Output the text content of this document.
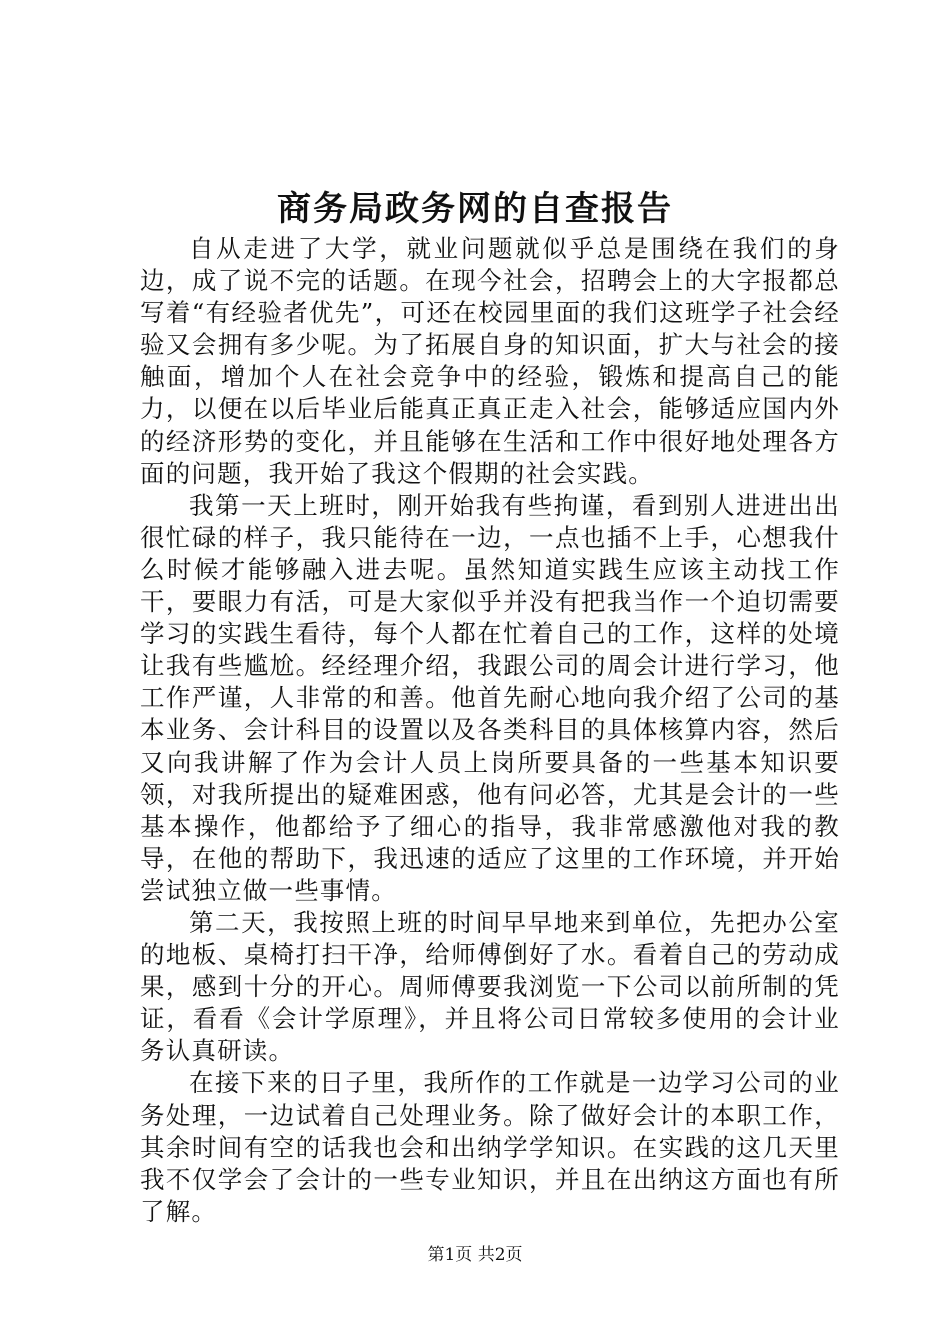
商务局政务网的自查报告

自从走进了大学，就业问题就似乎总是围绕在我们的身边，成了说不完的话题。在现今社会，招聘会上的大字报都总写着“有经验者优先”，可还在校园里面的我们这班学子社会经验又会拥有多少呢。为了拓展自身的知识面，扩大与社会的接触面，增加个人在社会竞争中的经验，锻炼和提高自己的能力，以便在以后毕业后能真正真正走入社会，能够适应国内外的经济形势的变化，并且能够在生活和工作中很好地处理各方面的问题，我开始了我这个假期的社会实践。

我第一天上班时，刚开始我有些拘谨，看到别人进进出出很忙碌的样子，我只能待在一边，一点也插不上手，心想我什么时候才能够融入进去呢。虽然知道实践生应该主动找工作干，要眼力有活，可是大家似乎并没有把我当作一个迫切需要学习的实践生看待，每个人都在忙着自己的工作，这样的处境让我有些尴尬。经经理介绍，我跟公司的周会计进行学习，他工作严谨，人非常的和善。他首先耐心地向我介绍了公司的基本业务、会计科目的设置以及各类科目的具体核算内容，然后又向我讲解了作为会计人员上岗所要具备的一些基本知识要领，对我所提出的疑难困惑，他有问必答，尤其是会计的一些基本操作，他都给予了细心的指导，我非常感激他对我的教导，在他的帮助下，我迅速的适应了这里的工作环境，并开始尝试独立做一些事情。

第二天，我按照上班的时间早早地来到单位，先把办公室的地板、桌椅打扫干净，给师傅倒好了水。看着自己的劳动成果，感到十分的开心。周师傅要我浏览一下公司以前所制的凭证，看看《会计学原理》，并且将公司日常较多使用的会计业务认真研读。

在接下来的日子里，我所作的工作就是一边学习公司的业务处理，一边试着自己处理业务。除了做好会计的本职工作，其余时间有空的话我也会和出纳学学知识。在实践的这几天里我不仅学会了会计的一些专业知识，并且在出纳这方面也有所了解。

第1页 共2页
